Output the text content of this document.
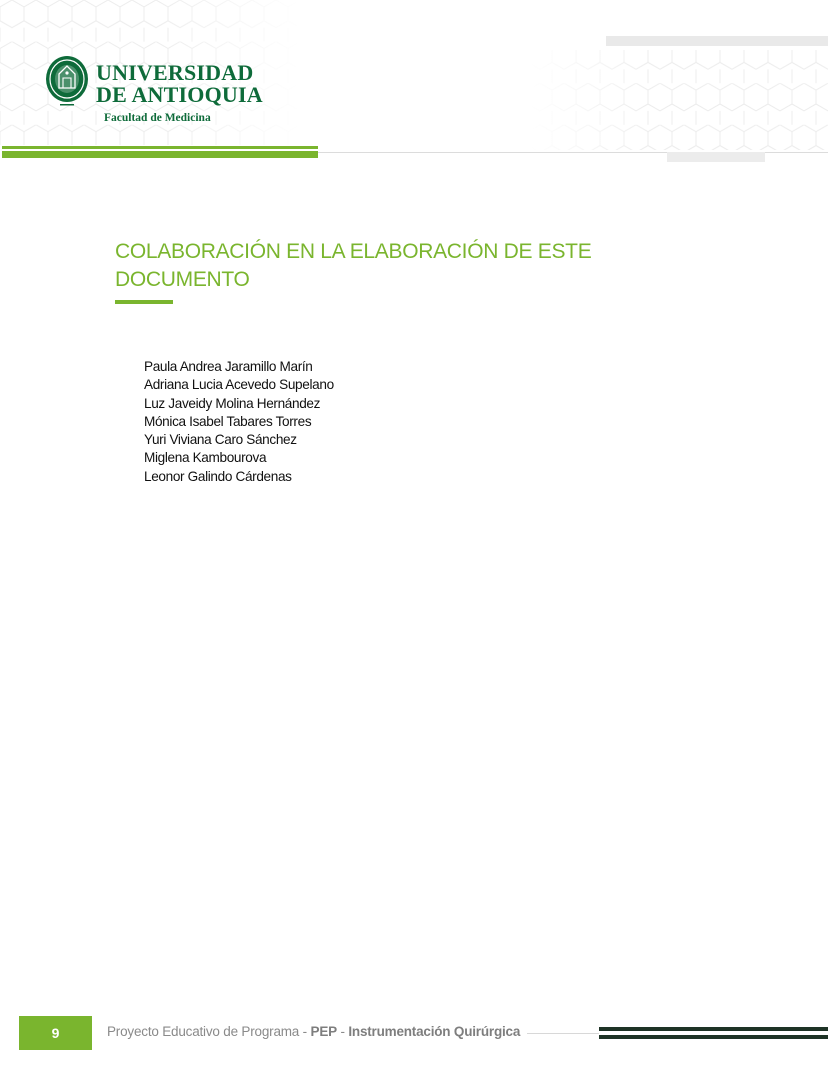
UNIVERSIDAD
DE ANTIOQUIA
Facultad de Medicina
COLABORACIÓN EN LA ELABORACIÓN DE ESTE DOCUMENTO
Paula Andrea Jaramillo Marín
Adriana Lucia Acevedo Supelano
Luz Javeidy Molina Hernández
Mónica Isabel Tabares Torres
Yuri Viviana Caro Sánchez
Miglena Kambourova
Leonor Galindo Cárdenas
9	Proyecto Educativo de Programa - PEP - Instrumentación Quirúrgica
